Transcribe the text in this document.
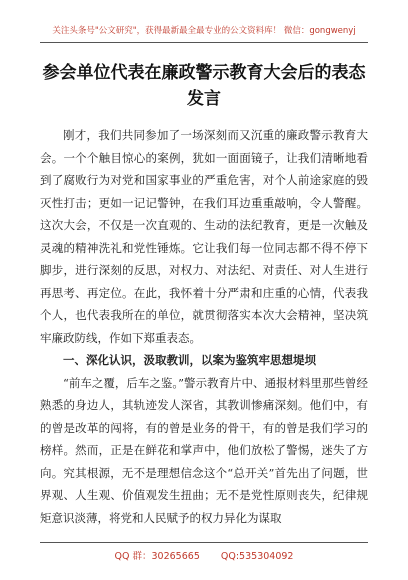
关注头条号"公文研究"，获得最新最全最专业的公文资料库！ 微信：gongwenyj
参会单位代表在廉政警示教育大会后的表态发言

刚才，我们共同参加了一场深刻而又沉重的廉政警示教育大会。一个个触目惊心的案例，犹如一面面镜子，让我们清晰地看到了腐败行为对党和国家事业的严重危害，对个人前途家庭的毁灭性打击；更如一记记警钟，在我们耳边重重敲响，令人警醒。这次大会，不仅是一次直观的、生动的法纪教育，更是一次触及灵魂的精神洗礼和党性锤炼。它让我们每一位同志都不得不停下脚步，进行深刻的反思，对权力、对法纪、对责任、对人生进行再思考、再定位。在此，我怀着十分严肃和庄重的心情，代表我个人，也代表我所在的单位，就贯彻落实本次大会精神，坚决筑牢廉政防线，作如下郑重表态。

一、深化认识，汲取教训，以案为鉴筑牢思想堤坝

“前车之覆，后车之鉴。”警示教育片中、通报材料里那些曾经熟悉的身边人，其轨迹发人深省，其教训惨痛深刻。他们中，有的曾是改革的闯将，有的曾是业务的骨干，有的曾是我们学习的榜样。然而，正是在鲜花和掌声中，他们放松了警惕，迷失了方向。究其根源，无不是理想信念这个“总开关”首先出了问题，世界观、人生观、价值观发生扭曲；无不是党性原则丧失，纪律规矩意识淡薄，将党和人民赋予的权力异化为谋取

QQ 群：30265665 QQ:535304092
